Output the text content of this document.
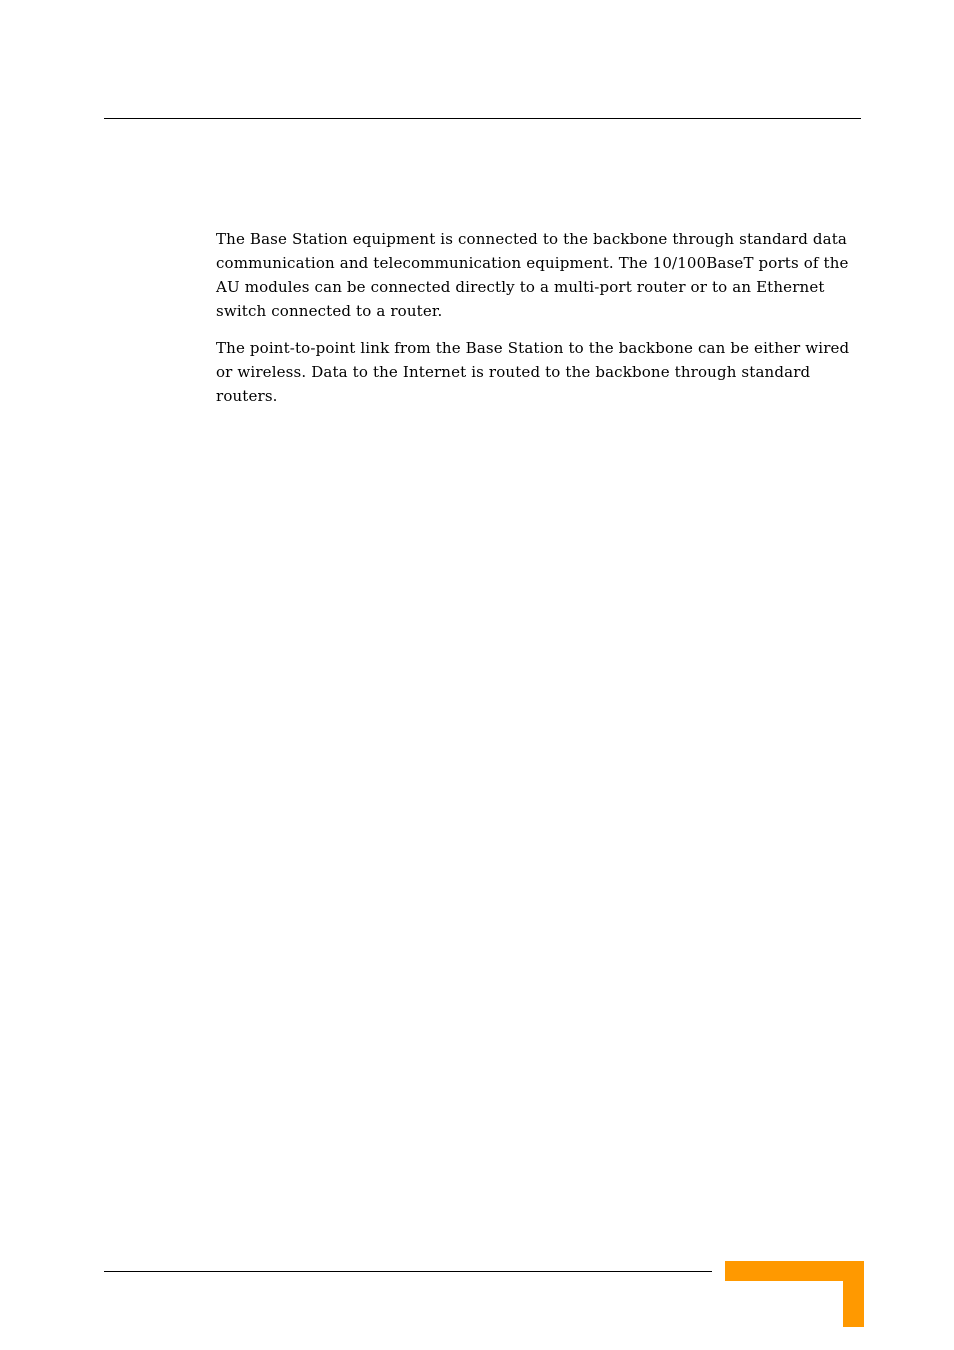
The Base Station equipment is connected to the backbone through standard data communication and telecommunication equipment. The 10/100BaseT ports of the AU modules can be connected directly to a multi-port router or to an Ethernet switch connected to a router.

The point-to-point link from the Base Station to the backbone can be either wired or wireless. Data to the Internet is routed to the backbone through standard routers.
